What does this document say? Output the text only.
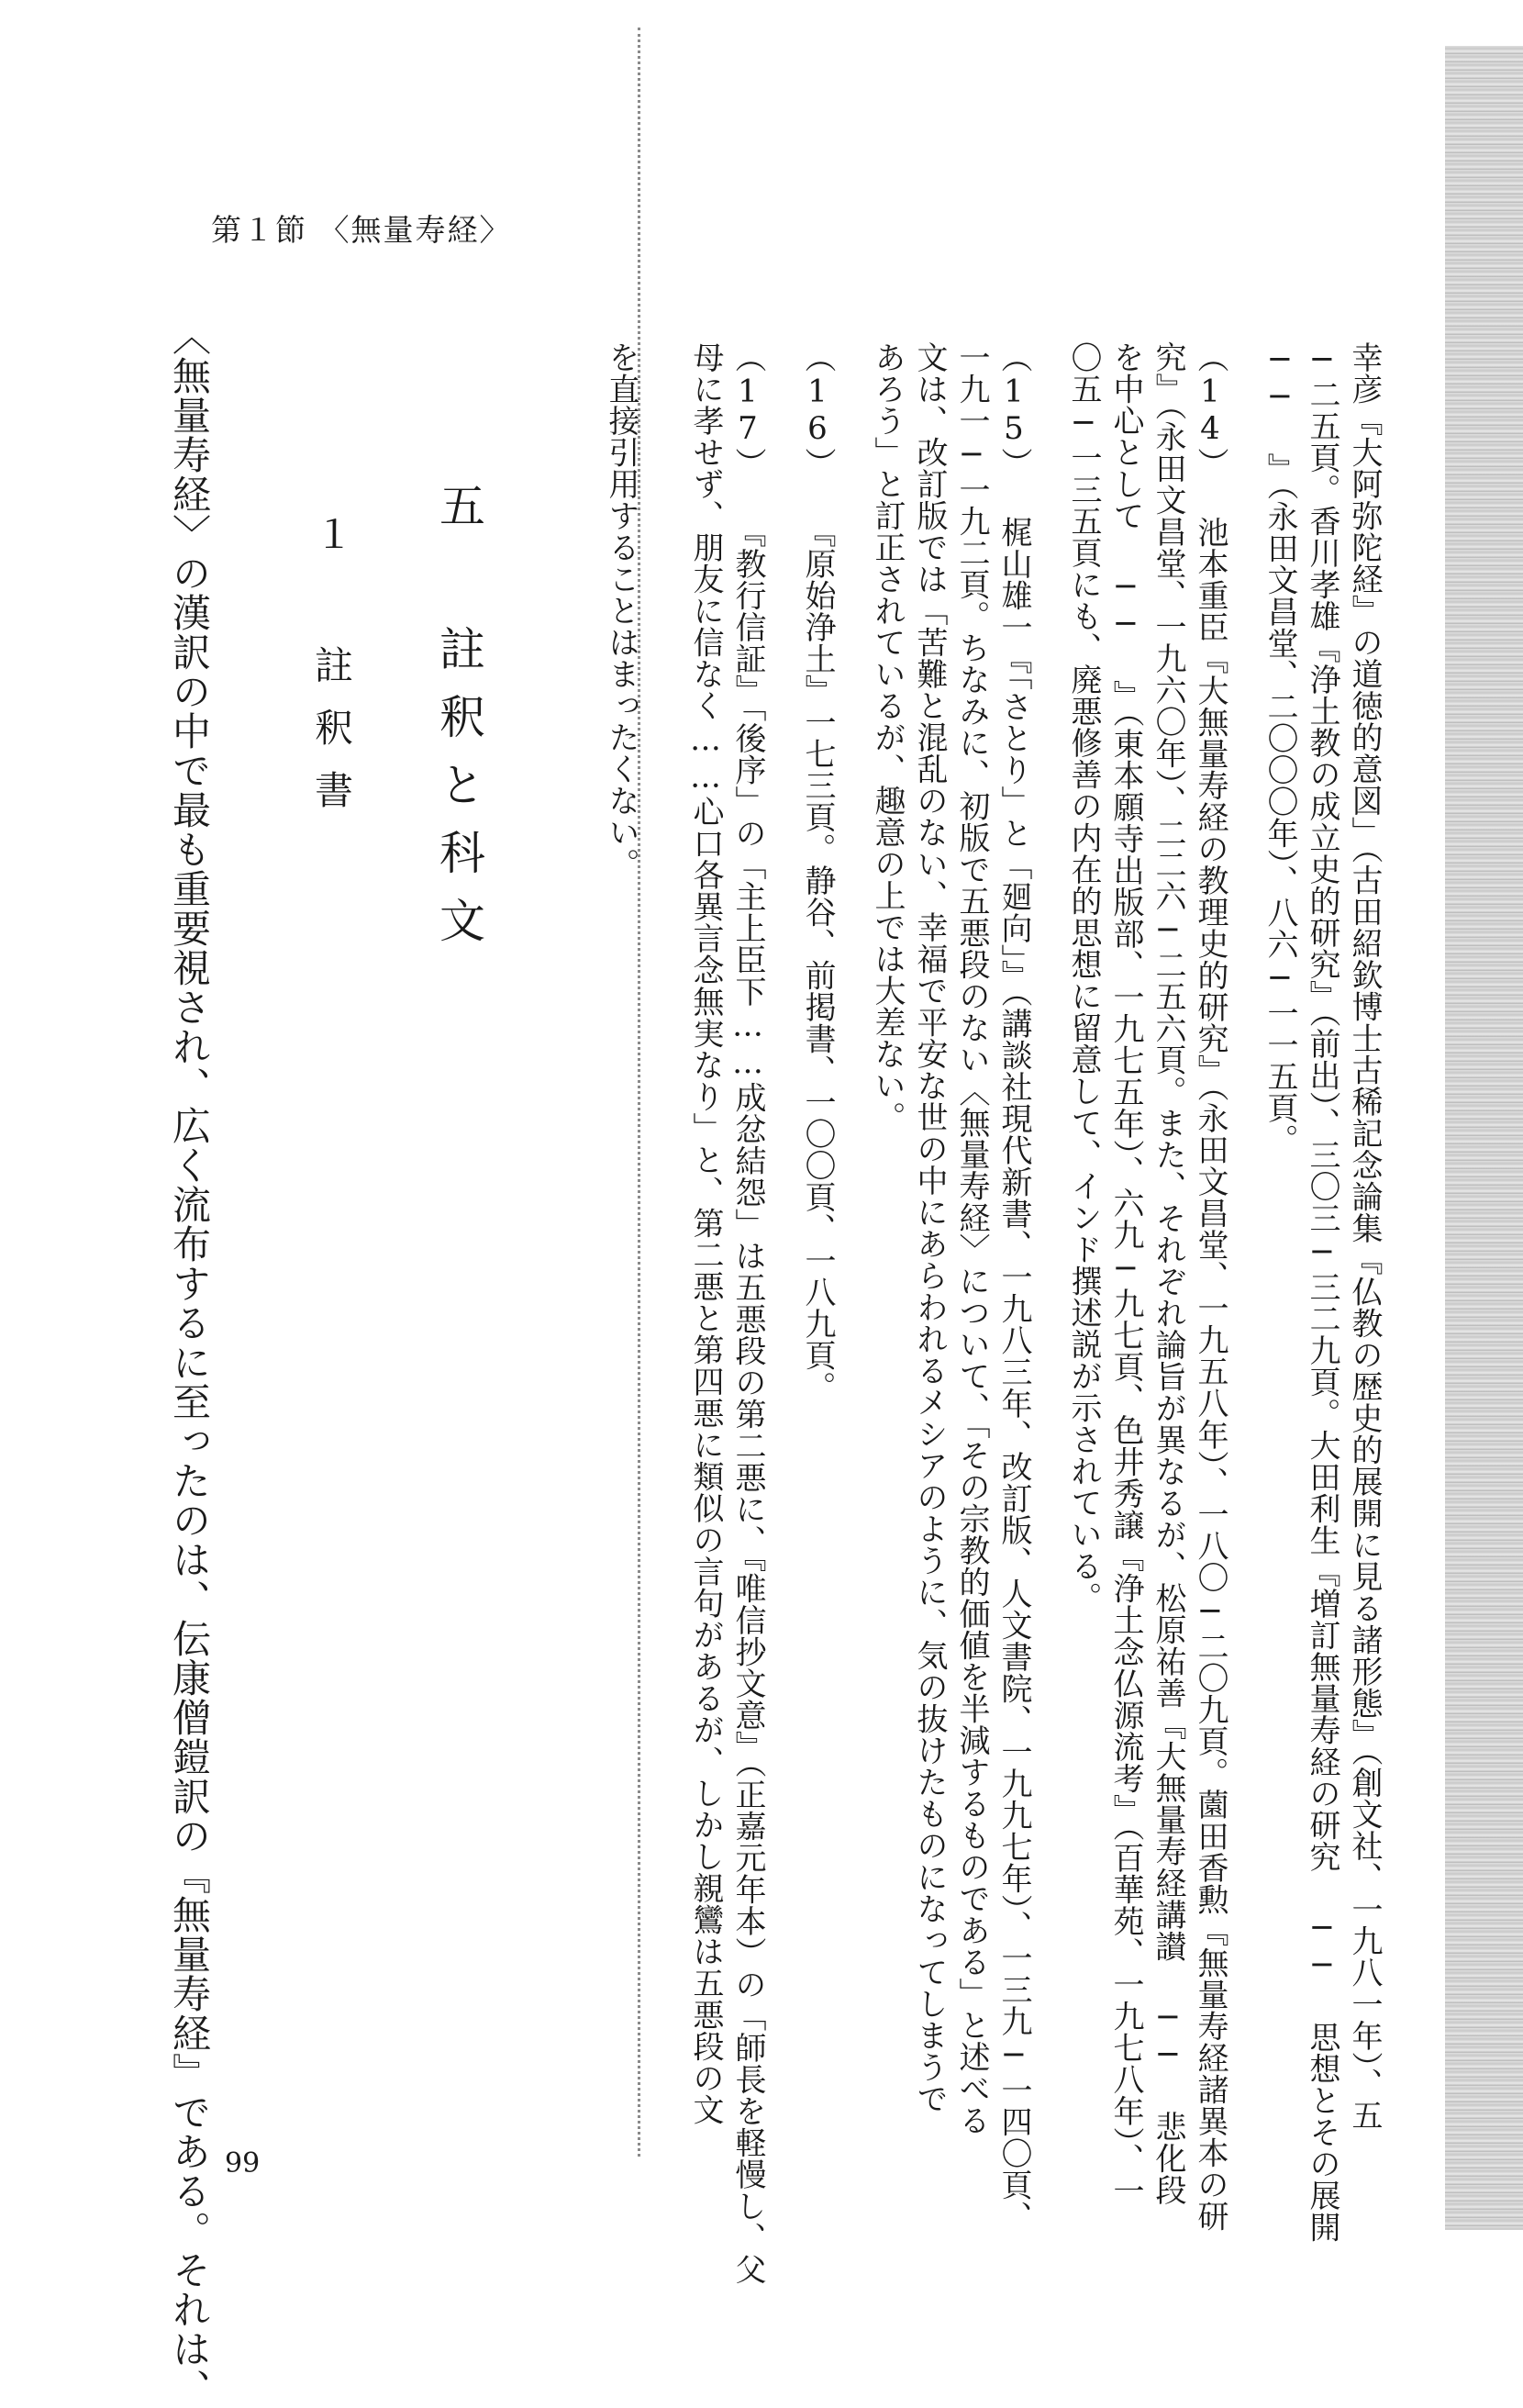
第１節 〈無量寿経〉
幸彦『大阿弥陀経』の道徳的意図」（古田紹欽博士古稀記念論集『仏教の歴史的展開に見る諸形態』（創文社、一九八一年）、五
─二五頁。香川孝雄『浄土教の成立史的研究』（前出）、三〇三─三二九頁。大田利生『増訂無量寿経の研究 ── 思想とその展開
── 』（永田文昌堂、二〇〇〇年）、八六─一一五頁。
（14） 池本重臣『大無量寿経の教理史的研究』（永田文昌堂、一九五八年）、一八〇─二〇九頁。薗田香勲『無量寿経諸異本の研
究』（永田文昌堂、一九六〇年）、二二六─二五六頁。また、それぞれ論旨が異なるが、松原祐善『大無量寿経講讃 ── 悲化段
を中心として ── 』（東本願寺出版部、一九七五年）、六九─九七頁、色井秀譲『浄土念仏源流考』（百華苑、一九七八年）、一
〇五─一三五頁にも、廃悪修善の内在的思想に留意して、インド撰述説が示されている。
（15） 梶山雄一『「さとり」と「廻向」』（講談社現代新書、一九八三年、改訂版、人文書院、一九九七年）、一三九─一四〇頁、
一九一─一九二頁。ちなみに、初版で五悪段のない〈無量寿経〉について、「その宗教的価値を半減するものである」と述べる
文は、改訂版では「苦難と混乱のない、幸福で平安な世の中にあらわれるメシアのように、気の抜けたものになってしまうで
あろう」と訂正されているが、趣意の上では大差ない。
（16） 『原始浄土』一七三頁。静谷、前掲書、一〇〇頁、一八九頁。
（17） 『教行信証』「後序」の「主上臣下……成忿結怨」は五悪段の第二悪に、『唯信抄文意』（正嘉元年本）の「師長を軽慢し、父
母に孝せず、朋友に信なく……心口各異言念無実なり」と、第二悪と第四悪に類似の言句があるが、しかし親鸞は五悪段の文
を直接引用することはまったくない。
五 註釈と科文
１ 註釈書
〈無量寿経〉の漢訳の中で最も重要視され、広く流布するに至ったのは、伝康僧鎧訳の『無量寿経』である。それは、 99
